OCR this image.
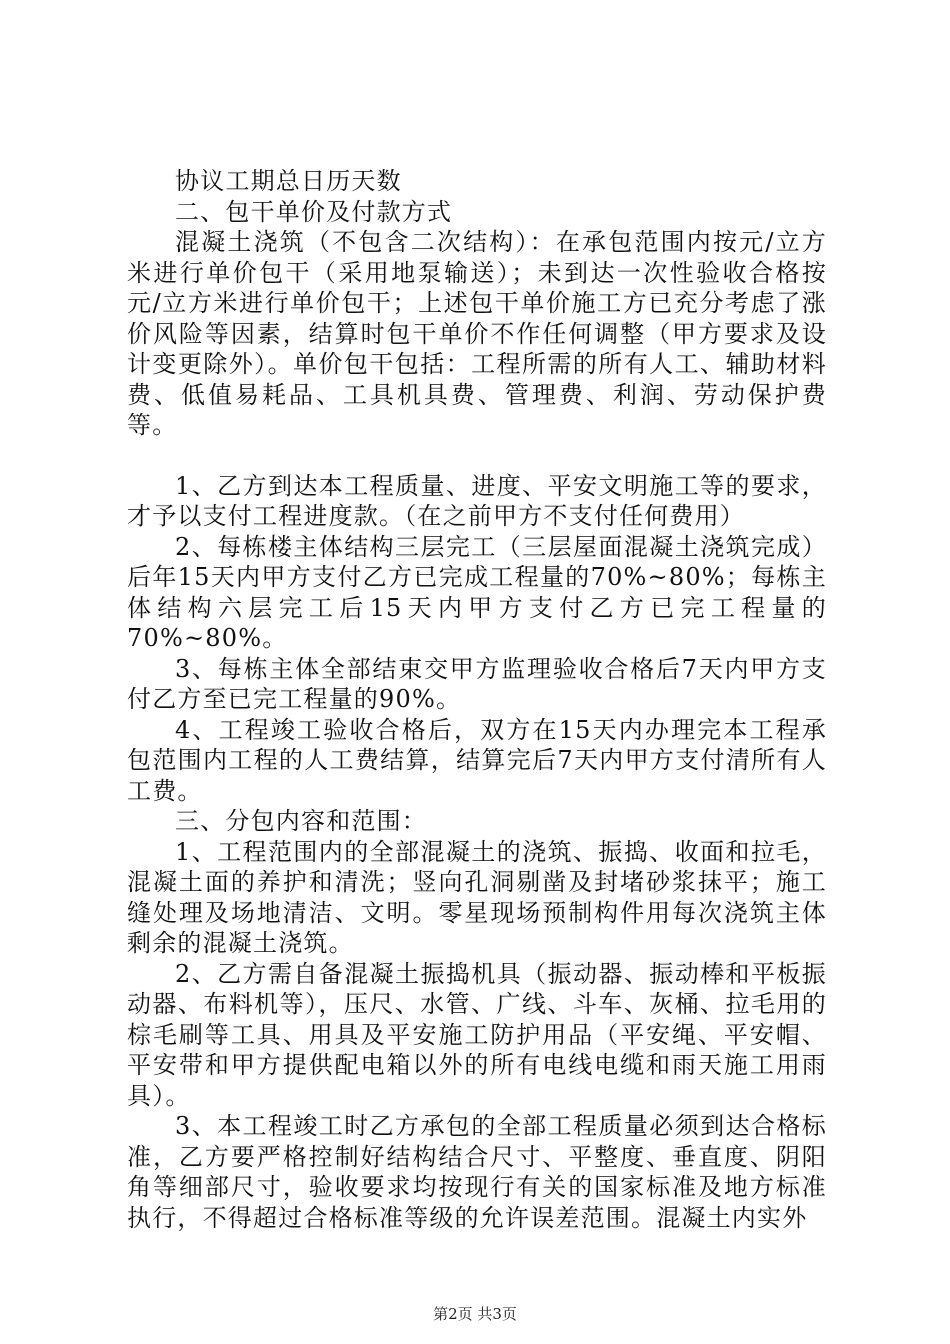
协议工期总日历天数

二、包干单价及付款方式

混凝土浇筑（不包含二次结构）：在承包范围内按元/立方米进行单价包干（采用地泵输送）；未到达一次性验收合格按元/立方米进行单价包干；上述包干单价施工方已充分考虑了涨价风险等因素，结算时包干单价不作任何调整（甲方要求及设计变更除外）。单价包干包括：工程所需的所有人工、辅助材料费、低值易耗品、工具机具费、管理费、利润、劳动保护费等。

1、乙方到达本工程质量、进度、平安文明施工等的要求，才予以支付工程进度款。（在之前甲方不支付任何费用）

2、每栋楼主体结构三层完工（三层屋面混凝土浇筑完成）后年15天内甲方支付乙方已完成工程量的70%~80%；每栋主体结构六层完工后15天内甲方支付乙方已完工程量的70%~80%。

3、每栋主体全部结束交甲方监理验收合格后7天内甲方支付乙方至已完工程量的90%。

4、工程竣工验收合格后，双方在15天内办理完本工程承包范围内工程的人工费结算，结算完后7天内甲方支付清所有人工费。

三、分包内容和范围：

1、工程范围内的全部混凝土的浇筑、振捣、收面和拉毛，混凝土面的养护和清洗；竖向孔洞剔凿及封堵砂浆抹平；施工缝处理及场地清洁、文明。零星现场预制构件用每次浇筑主体剩余的混凝土浇筑。

2、乙方需自备混凝土振捣机具（振动器、振动棒和平板振动器、布料机等），压尺、水管、广线、斗车、灰桶、拉毛用的棕毛刷等工具、用具及平安施工防护用品（平安绳、平安帽、平安带和甲方提供配电箱以外的所有电线电缆和雨天施工用雨具）。

3、本工程竣工时乙方承包的全部工程质量必须到达合格标准，乙方要严格控制好结构结合尺寸、平整度、垂直度、阴阳角等细部尺寸，验收要求均按现行有关的国家标准及地方标准执行，不得超过合格标准等级的允许误差范围。混凝土内实外

第2页 共3页
